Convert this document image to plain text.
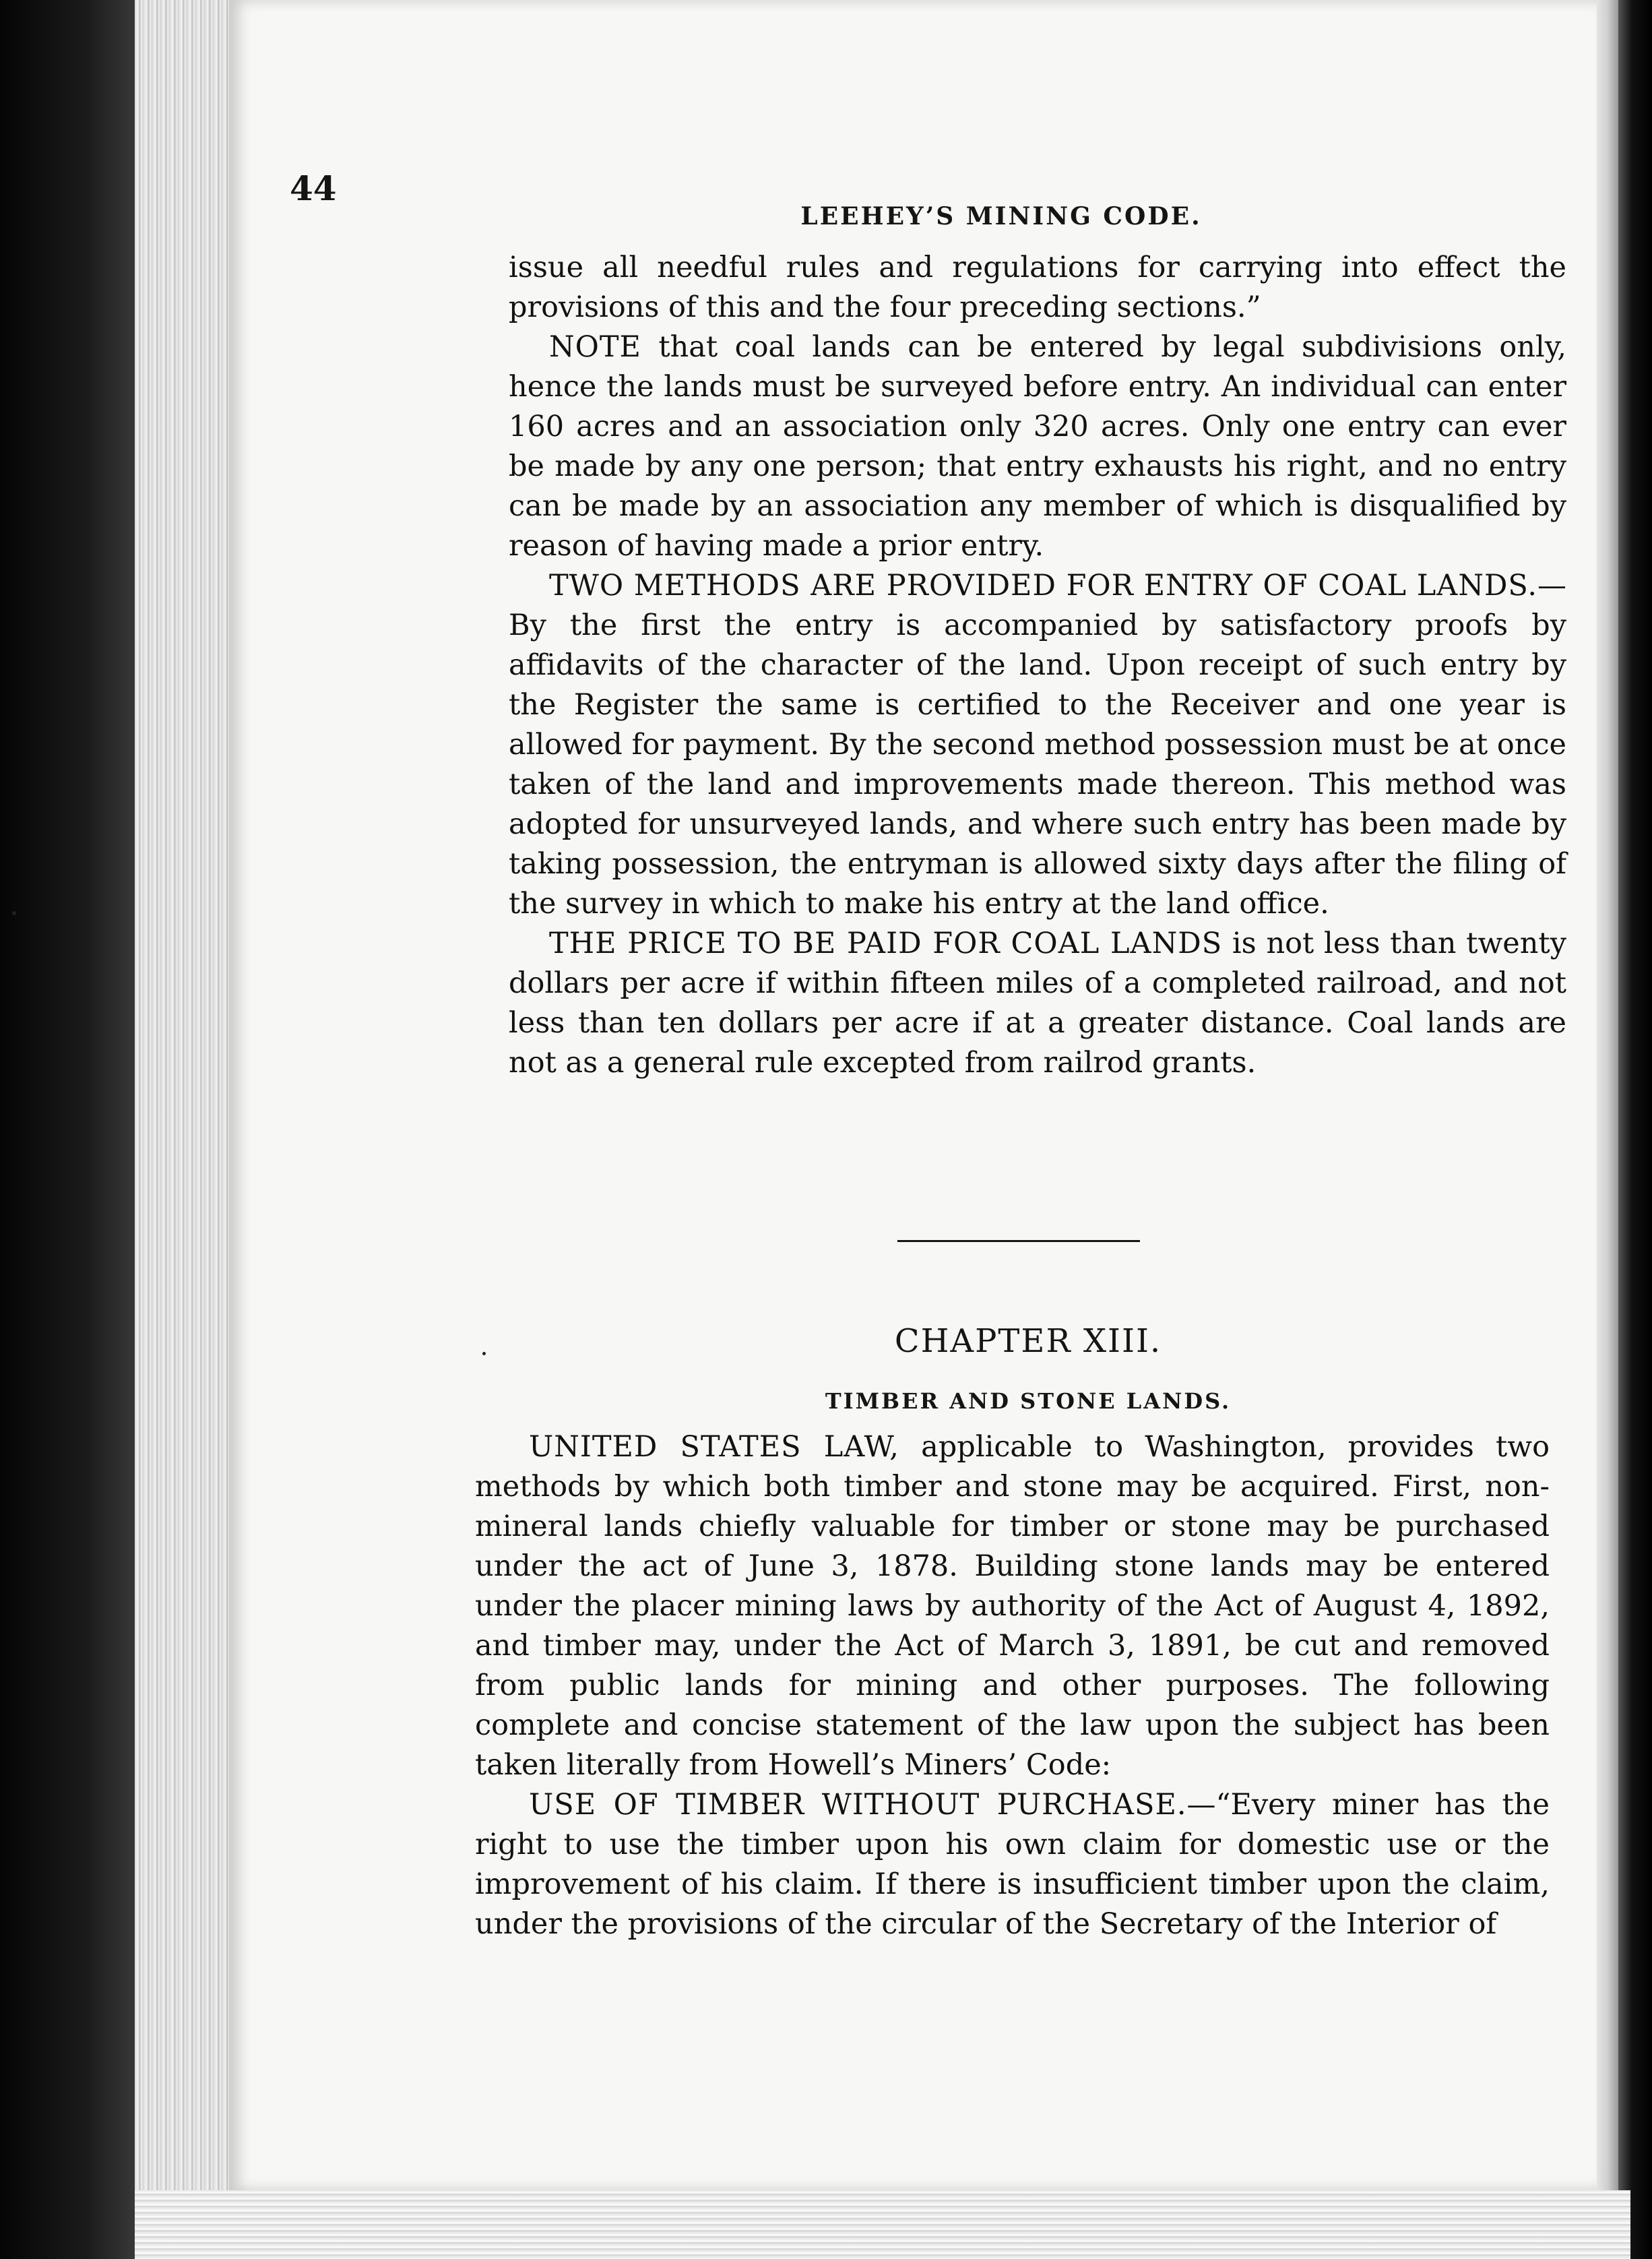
44
LEEHEY’S MINING CODE.

issue all needful rules and regulations for carrying into effect the provisions of this and the four preceding sections.”

NOTE that coal lands can be entered by legal subdivisions only, hence the lands must be surveyed before entry. An individual can enter 160 acres and an association only 320 acres. Only one entry can ever be made by any one person; that entry exhausts his right, and no entry can be made by an association any member of which is disqualified by reason of having made a prior entry.

TWO METHODS ARE PROVIDED FOR ENTRY OF COAL LANDS.—By the first the entry is accompanied by satisfactory proofs by affidavits of the character of the land. Upon receipt of such entry by the Register the same is certified to the Receiver and one year is allowed for payment. By the second method possession must be at once taken of the land and improvements made thereon. This method was adopted for unsurveyed lands, and where such entry has been made by taking possession, the entryman is allowed sixty days after the filing of the survey in which to make his entry at the land office.

THE PRICE TO BE PAID FOR COAL LANDS is not less than twenty dollars per acre if within fifteen miles of a completed railroad, and not less than ten dollars per acre if at a greater distance. Coal lands are not as a general rule excepted from railrod grants.

CHAPTER XIII.
TIMBER AND STONE LANDS.

UNITED STATES LAW, applicable to Washington, provides two methods by which both timber and stone may be acquired. First, non-mineral lands chiefly valuable for timber or stone may be purchased under the act of June 3, 1878. Building stone lands may be entered under the placer mining laws by authority of the Act of August 4, 1892, and timber may, under the Act of March 3, 1891, be cut and removed from public lands for mining and other purposes. The following complete and concise statement of the law upon the subject has been taken literally from Howell’s Miners’ Code:

USE OF TIMBER WITHOUT PURCHASE.—“Every miner has the right to use the timber upon his own claim for domestic use or the improvement of his claim. If there is insufficient timber upon the claim, under the provisions of the circular of the Secretary of the Interior of
